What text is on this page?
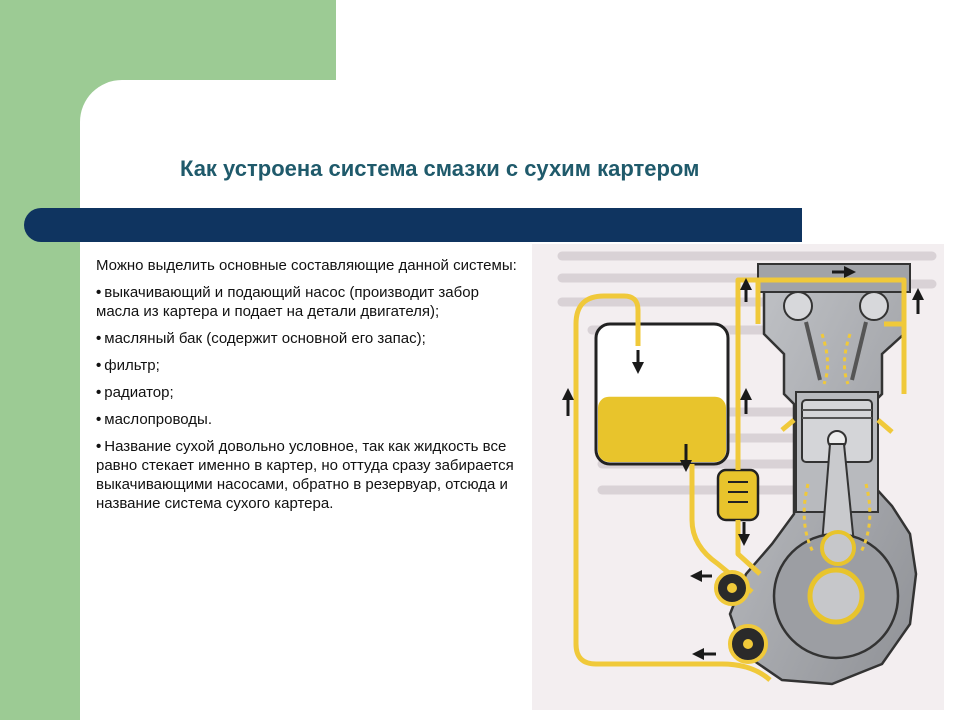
Как устроена система смазки с сухим картером

Можно выделить основные составляющие данной системы:

• выкачивающий и подающий насос (производит забор масла из картера и подает на детали двигателя);
• масляный бак (содержит основной его запас);
• фильтр;
• радиатор;
• маслопроводы.
• Название сухой довольно условное, так как жидкость все равно стекает именно в картер, но оттуда сразу забирается выкачивающими насосами, обратно в резервуар, отсюда и название система сухого картера.
